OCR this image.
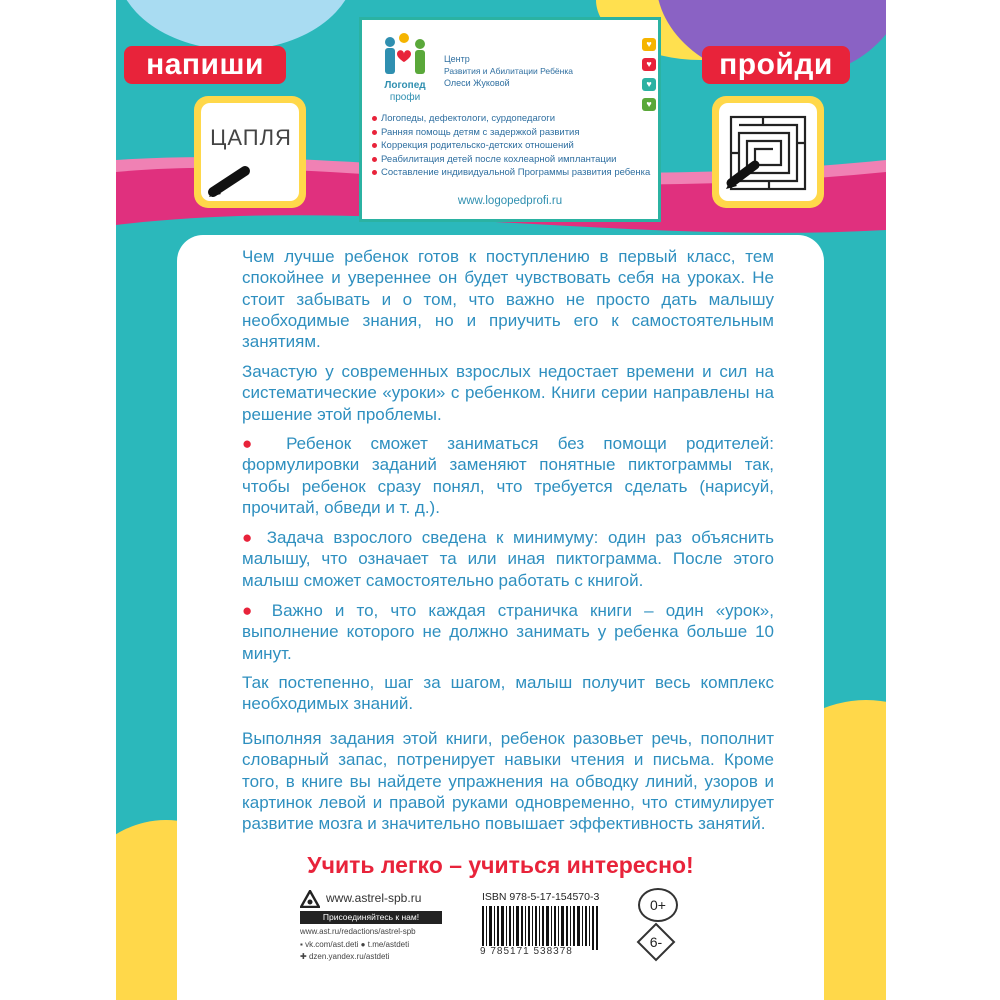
напиши
ЦАПЛЯ
пройди
Логопед
профи
Центр
Развития и Абилитации Ребёнка
Олеси Жуковой
♥
♥
♥
♥
Логопеды, дефектологи, сурдопедагоги
Ранняя помощь детям с задержкой развития
Коррекция родительско-детских отношений
Реабилитация детей после кохлеарной имплантации
Составление индивидуальной Программы развития ребенка
www.logopedprofi.ru

Чем лучше ребенок готов к поступлению в первый класс, тем спокойнее и увереннее он будет чувствовать себя на уроках. Не стоит забывать и о том, что важно не просто дать малышу необходимые знания, но и приучить его к самостоятельным занятиям.

Зачастую у современных взрослых недостает времени и сил на систематические «уроки» с ребенком. Книги серии направлены на решение этой проблемы.

● Ребенок сможет заниматься без помощи родителей: формулировки заданий заменяют понятные пиктограммы так, чтобы ребенок сразу понял, что требуется сделать (нарисуй, прочитай, обведи и т. д.).

● Задача взрослого сведена к минимуму: один раз объяснить малышу, что означает та или иная пиктограмма. После этого малыш сможет самостоятельно работать с книгой.

● Важно и то, что каждая страничка книги – один «урок», выполнение которого не должно занимать у ребенка больше 10 минут.

Так постепенно, шаг за шагом, малыш получит весь комплекс необходимых знаний.

Выполняя задания этой книги, ребенок разовьет речь, пополнит словарный запас, потренирует навыки чтения и письма. Кроме того, в книге вы найдете упражнения на обводку линий, узоров и картинок левой и правой руками одновременно, что стимулирует развитие мозга и значительно повышает эффективность занятий.

Учить легко – учиться интересно!
www.astrel-spb.ru
Присоединяйтесь к нам!
www.ast.ru/redactions/astrel-spb
▪ vk.com/ast.deti ● t.me/astdeti
✚ dzen.yandex.ru/astdeti
ISBN 978-5-17-154570-3
9 785171 538378
0+
6-
